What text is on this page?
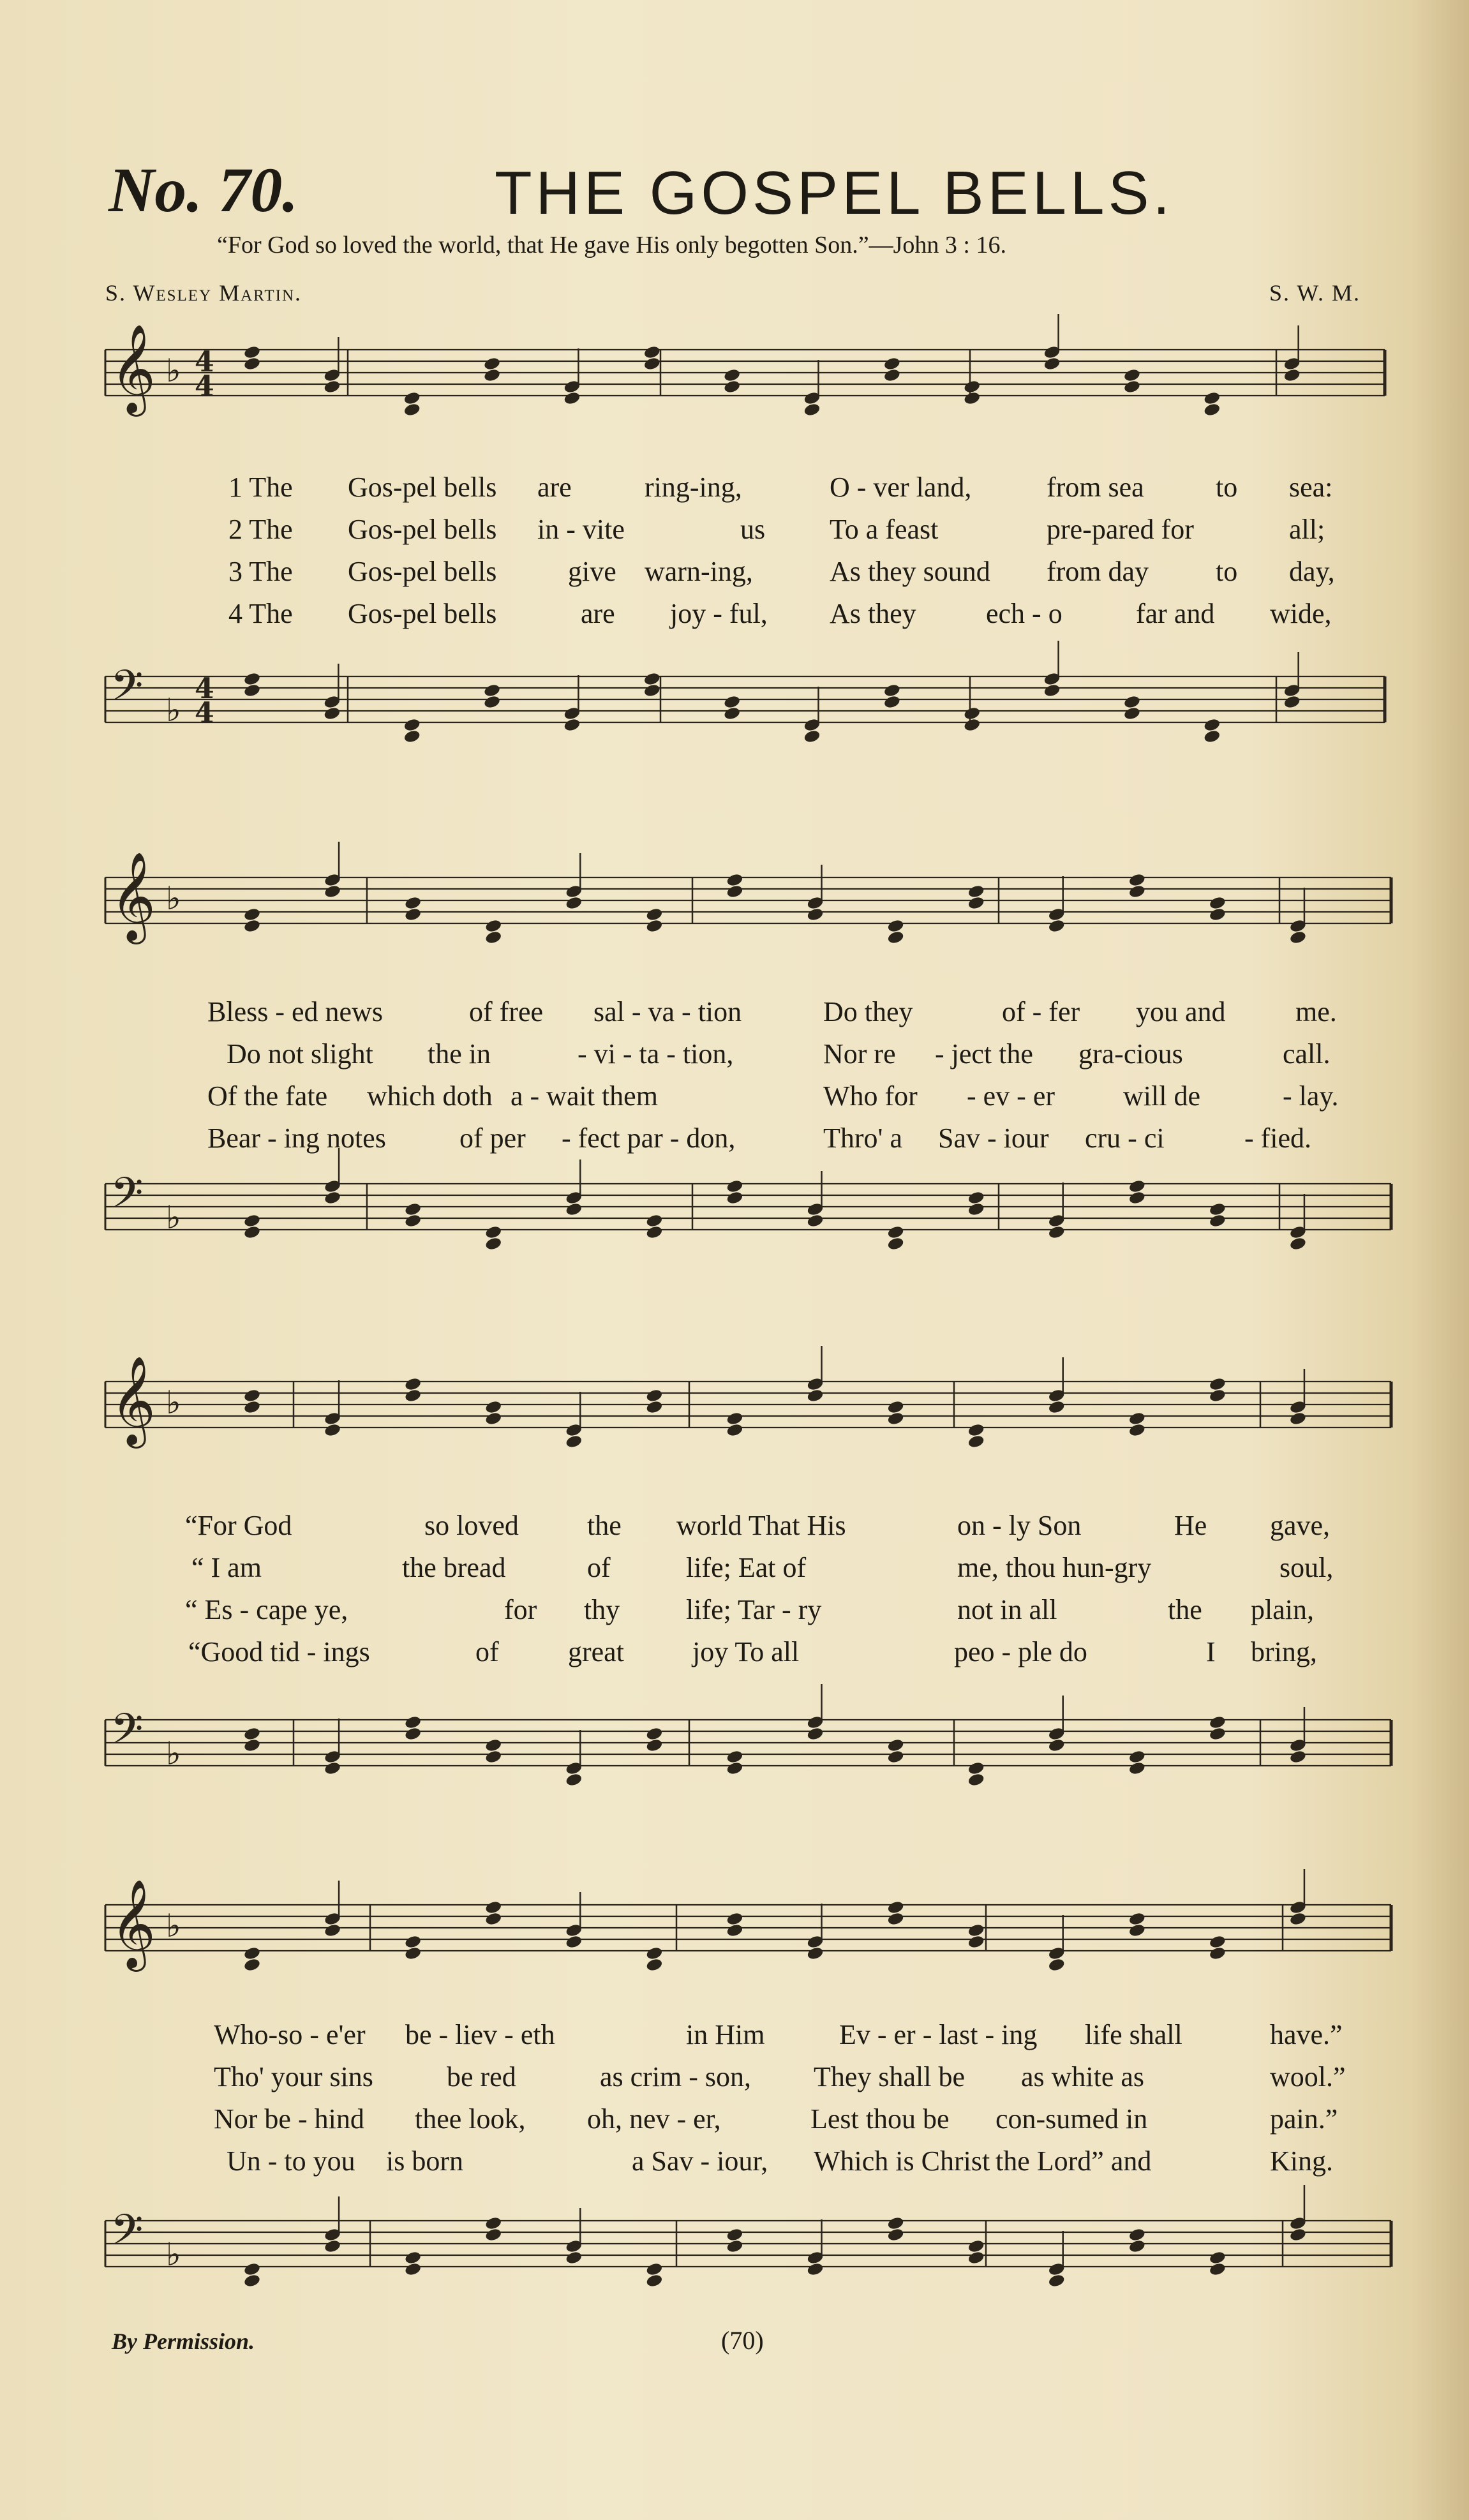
No. 70.	THE GOSPEL BELLS.
“For God so loved the world, that He gave His only begotten Son.”—John 3 : 16.
S. Wesley Martin.	S. W. M.
𝄞 ♭ 4
4
𝄢 ♭
4
4
𝄞 ♭
𝄢 ♭
𝄞 ♭
𝄢 ♭
𝄞 ♭
𝄢 ♭
1 The Gos-pel bells are	ring-ing,	O - ver land,	from sea	to sea:
2 The Gos-pel bells in - vite	us To a feast	pre-pared for	all;
3 The Gos-pel bells	give warn-ing,	As they sound from day to day,
4 The Gos-pel bells	are joy - ful, As they ech - o	far and wide,
Bless - ed news	of free sal - va - tion	Do they	of - fer you and me.
Do not slight the in	- vi - ta - tion,	Nor re - ject the gra-cious	call.
Of the fate which doth a - wait them	Who for - ev - er will de	- lay.
Bear - ing notes	of per - fect par - don,	Thro' a Sav - iour cru - ci	- fied.
“For God	so loved the world That His	on - ly Son	He gave,
“ I am	the bread	of	life; Eat of	me, thou hun-gry	soul,
“ Es - cape ye,	for thy life; Tar - ry	not in all	the plain,
“Good tid - ings	of great joy To all	peo - ple do	I bring,
Who-so - e'er be - liev - eth	in Him	Ev - er - last - ing life shall	have.”
Tho' your sins	be red	as crim - son, They shall be as white as	wool.”
Nor be - hind thee look, oh, nev - er,	Lest thou be con-sumed in	pain.”
Un - to you is born	a Sav - iour, Which is Christ the Lord” and	King.
By Permission.	(70)
